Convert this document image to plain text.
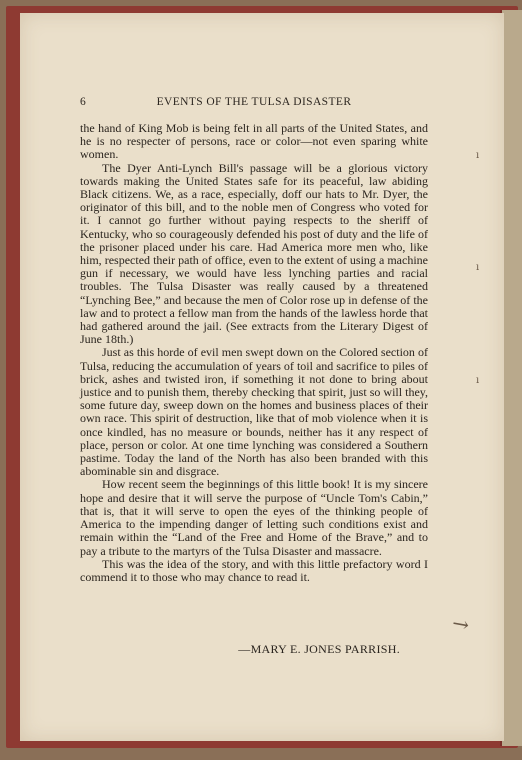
6	EVENTS OF THE TULSA DISASTER

the hand of King Mob is being felt in all parts of the United States, and he is no respecter of persons, race or color—not even sparing white women.

The Dyer Anti-Lynch Bill's passage will be a glorious victory towards making the United States safe for its peaceful, law abiding Black citizens. We, as a race, especially, doff our hats to Mr. Dyer, the originator of this bill, and to the noble men of Congress who voted for it. I cannot go further without paying respects to the sheriff of Kentucky, who so courageously defended his post of duty and the life of the prisoner placed under his care. Had America more men who, like him, respected their path of office, even to the extent of using a machine gun if necessary, we would have less lynching parties and racial troubles. The Tulsa Disaster was really caused by a threatened “Lynching Bee,” and because the men of Color rose up in defense of the law and to protect a fellow man from the hands of the lawless horde that had gathered around the jail. (See extracts from the Literary Digest of June 18th.)

Just as this horde of evil men swept down on the Colored section of Tulsa, reducing the accumulation of years of toil and sacrifice to piles of brick, ashes and twisted iron, if something it not done to bring about justice and to punish them, thereby checking that spirit, just so will they, some future day, sweep down on the homes and business places of their own race. This spirit of destruction, like that of mob violence when it is once kindled, has no measure or bounds, neither has it any respect of place, person or color. At one time lynching was considered a Southern pastime. Today the land of the North has also been branded with this abominable sin and disgrace.

How recent seem the beginnings of this little book! It is my sincere hope and desire that it will serve the purpose of “Uncle Tom's Cabin,” that is, that it will serve to open the eyes of the thinking people of America to the impending danger of letting such conditions exist and remain within the “Land of the Free and Home of the Brave,” and to pay a tribute to the martyrs of the Tulsa Disaster and massacre.

This was the idea of the story, and with this little prefactory word I commend it to those who may chance to read it.

—MARY E. JONES PARRISH.
↘
ı
ı
ı
